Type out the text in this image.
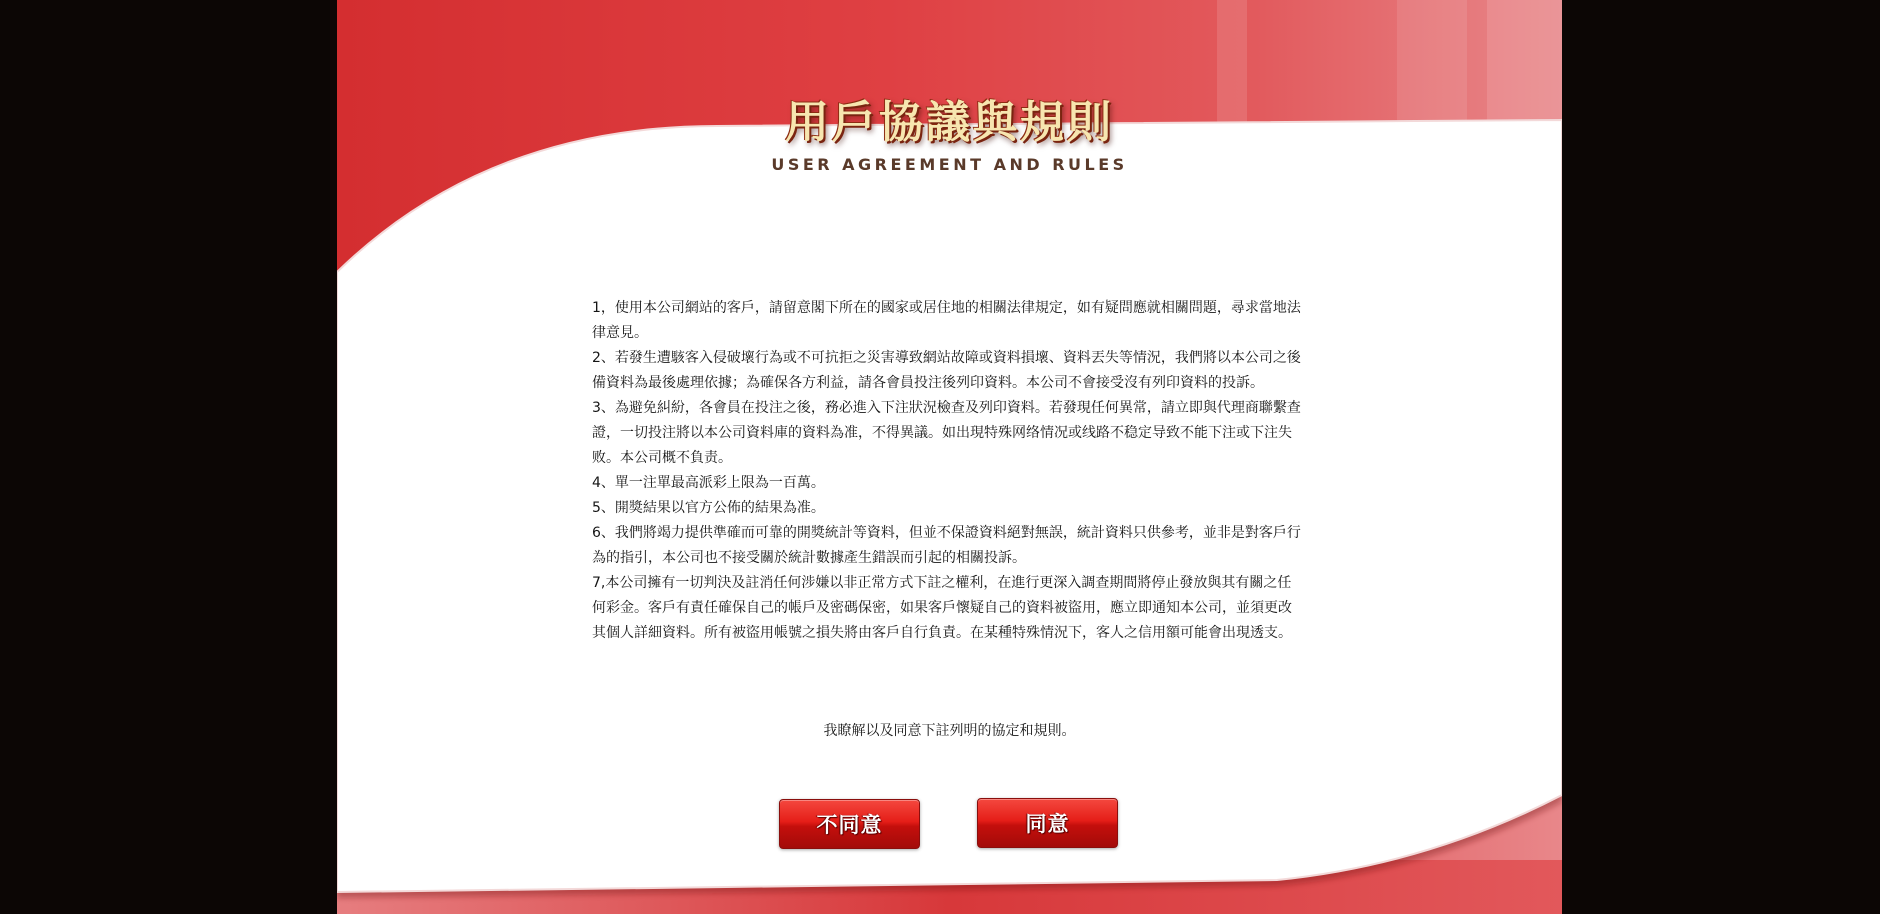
用戶協議與規則
USER AGREEMENT AND RULES
1，使用本公司網站的客戶，請留意閣下所在的國家或居住地的相關法律規定，如有疑問應就相關問題，尋求當地法律意見。
2、若發生遭駭客入侵破壞行為或不可抗拒之災害導致網站故障或資料損壞、資料丟失等情況，我們將以本公司之後備資料為最後處理依據；為確保各方利益，請各會員投注後列印資料。本公司不會接受沒有列印資料的投訴。
3、為避免糾紛，各會員在投注之後，務必進入下注狀況檢查及列印資料。若發現任何異常，請立即與代理商聯繫查證，一切投注將以本公司資料庫的資料為准，不得異議。如出現特殊网络情况或线路不稳定导致不能下注或下注失败。本公司概不負责。
4、單一注單最高派彩上限為一百萬。
5、開獎結果以官方公佈的結果為准。
6、我們將竭力提供準確而可靠的開獎統計等資料，但並不保證資料絕對無誤，統計資料只供參考，並非是對客戶行為的指引，本公司也不接受關於統計數據產生錯誤而引起的相關投訴。
7,本公司擁有一切判決及註消任何涉嫌以非正常方式下註之權利，在進行更深入調查期間將停止發放與其有關之任何彩金。客戶有責任確保自己的帳戶及密碼保密，如果客戶懷疑自己的資料被盜用，應立即通知本公司，並須更改其個人詳細資料。所有被盜用帳號之損失將由客戶自行負責。在某種特殊情況下，客人之信用額可能會出現透支。
我瞭解以及同意下註列明的協定和規則。
不同意	同意
